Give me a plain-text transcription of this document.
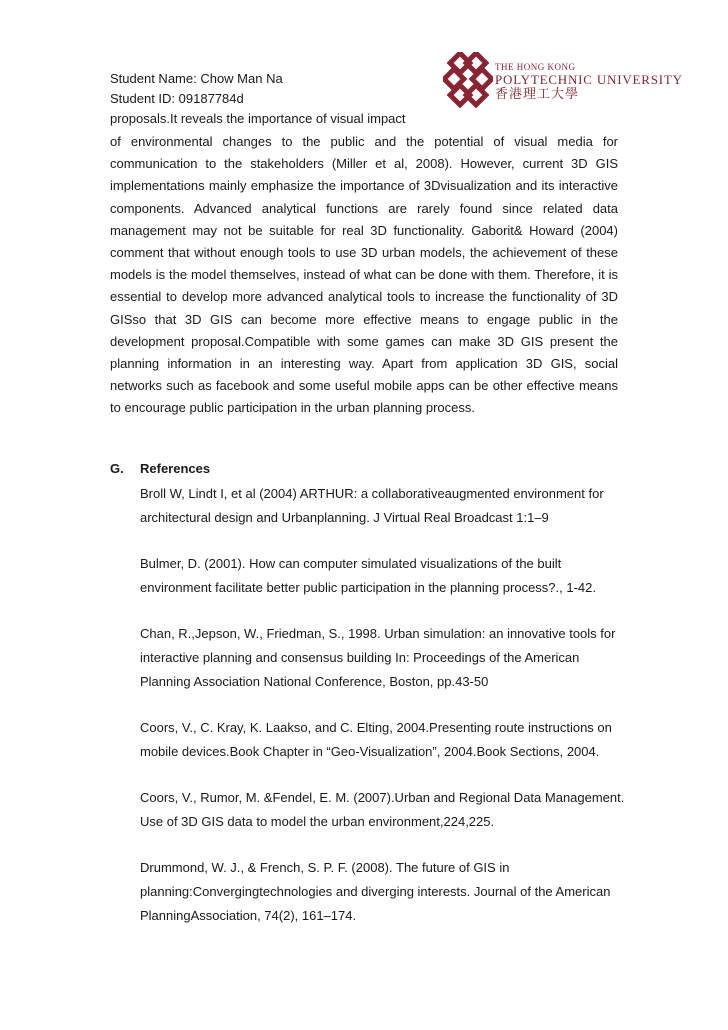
Student Name: Chow Man Na
Student ID: 09187784d
THE HONG KONG
POLYTECHNIC UNIVERSITY
香港理工大學
proposals.It reveals the importance of visual impact
of environmental changes to the public and the potential of visual media for communication to the stakeholders (Miller et al, 2008). However, current 3D GIS implementations mainly emphasize the importance of 3Dvisualization and its interactive components. Advanced analytical functions are rarely found since related data management may not be suitable for real 3D functionality. Gaborit& Howard (2004) comment that without enough tools to use 3D urban models, the achievement of these models is the model themselves, instead of what can be done with them. Therefore, it is essential to develop more advanced analytical tools to increase the functionality of 3D GISso that 3D GIS can become more effective means to engage public in the development proposal.Compatible with some games can make 3D GIS present the planning information in an interesting way. Apart from application 3D GIS, social networks such as facebook and some useful mobile apps can be other effective means to encourage public participation in the urban planning process.
G.	References
Broll W, Lindt I, et al (2004) ARTHUR: a collaborativeaugmented environment for architectural design and Urbanplanning. J Virtual Real Broadcast 1:1–9
Bulmer, D. (2001). How can computer simulated visualizations of the built environment facilitate better public participation in the planning process?., 1-42.
Chan, R.,Jepson, W., Friedman, S., 1998. Urban simulation: an innovative tools for interactive planning and consensus building In: Proceedings of the American Planning Association National Conference, Boston, pp.43-50
Coors, V., C. Kray, K. Laakso, and C. Elting, 2004.Presenting route instructions on mobile devices.Book Chapter in “Geo-Visualization”, 2004.Book Sections, 2004.
Coors, V., Rumor, M. &Fendel, E. M. (2007).Urban and Regional Data Management. Use of 3D GIS data to model the urban environment,224,225.
Drummond, W. J., & French, S. P. F. (2008). The future of GIS in planning:Convergingtechnologies and diverging interests. Journal of the American PlanningAssociation, 74(2), 161–174.
